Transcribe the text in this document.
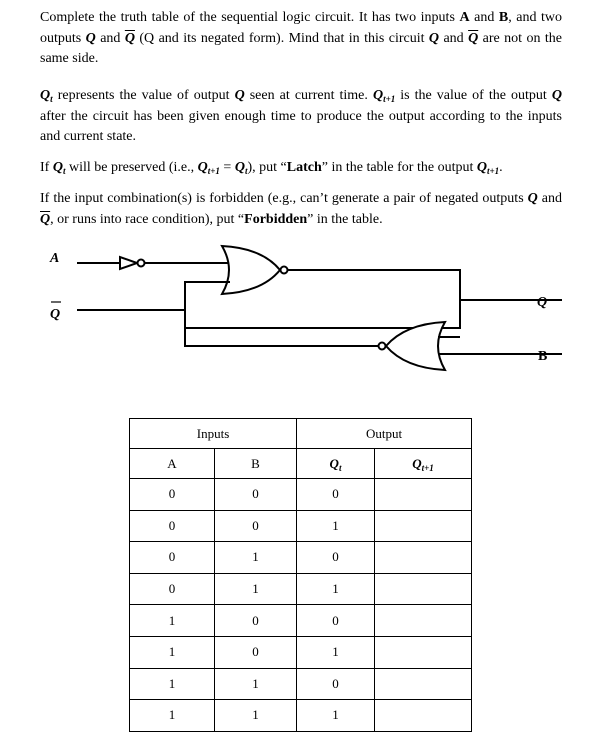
Complete the truth table of the sequential logic circuit. It has two inputs A and B, and two outputs Q and $\overline{Q}$ (Q and its negated form). Mind that in this circuit Q and $\overline{Q}$ are not on the same side.

$Q_t$ represents the value of output Q seen at current time. $Q_{t+1}$ is the value of the output Q after the circuit has been given enough time to produce the output according to the inputs and current state.

If $Q_t$ will be preserved (i.e., $Q_{t+1} = Q_t$), put “Latch” in the table for the output $Q_{t+1}$.

If the input combination(s) is forbidden (e.g., can’t generate a pair of negated outputs Q and $\overline{Q}$, or runs into race condition), put “Forbidden” in the table.

A
Q
Q
B
Inputs		Output	
A	B	$Q_t$	$Q_{t+1}$
0	0	0	
0	0	1	
0	1	0	
0	1	1	
1	0	0	
1	0	1	
1	1	0	
1	1	1	
